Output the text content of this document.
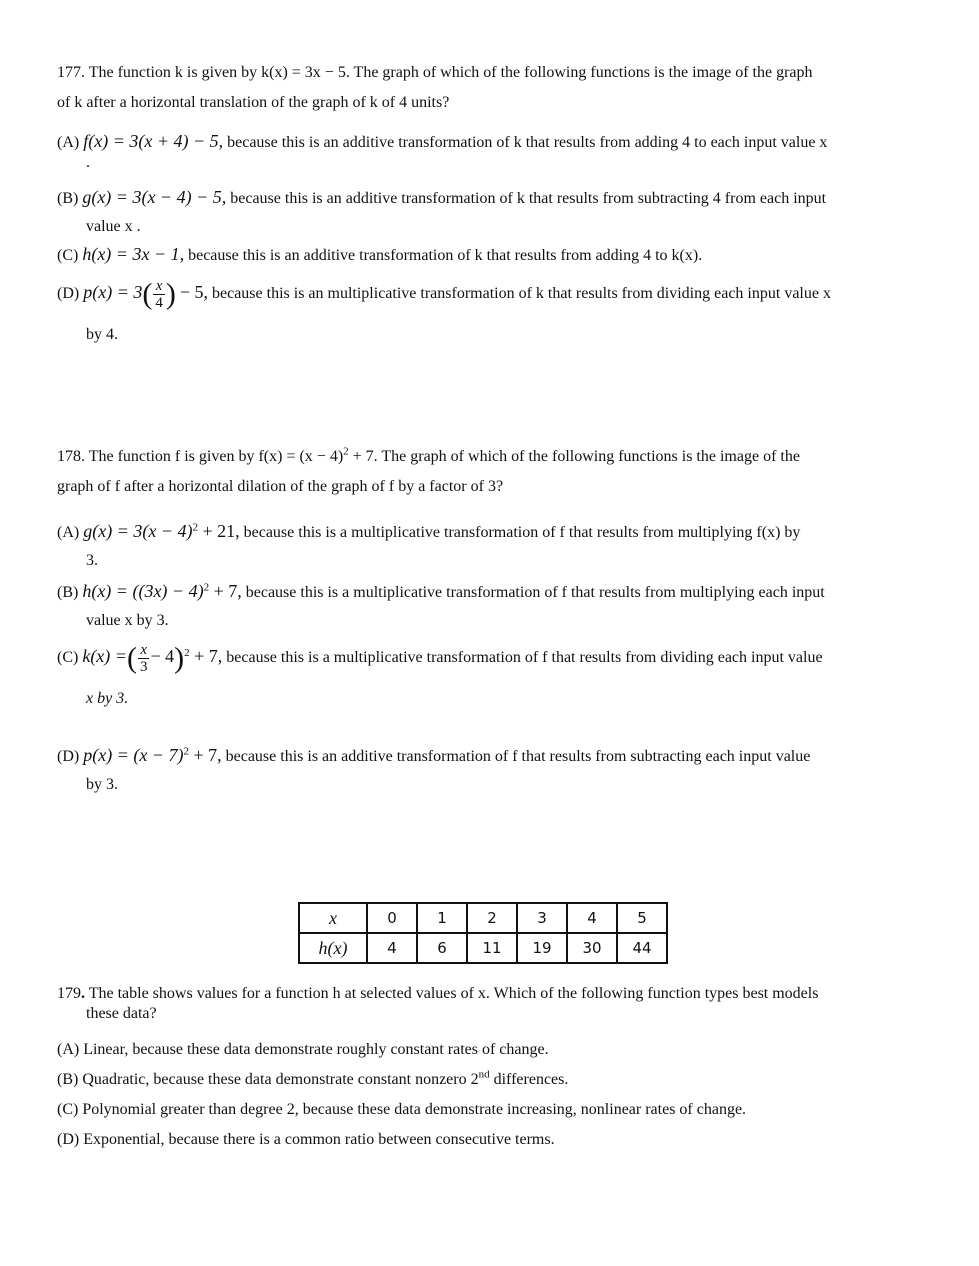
177. The function k is given by k(x) = 3x − 5. The graph of which of the following functions is the image of the graph
of k after a horizontal translation of the graph of k of 4 units?
(A) f(x) = 3(x + 4) − 5, because this is an additive transformation of k that results from adding 4 to each input value x
.
(B) g(x) = 3(x − 4) − 5, because this is an additive transformation of k that results from subtracting 4 from each input
value x .
(C) h(x) = 3x − 1, because this is an additive transformation of k that results from adding 4 to k(x).
(D) $p(x) = 3( \frac{x}{4}$ ) − 5, because this is an multiplicative transformation of k that results from dividing each input value x
by 4.
178. The function f is given by $f(x) = (x - 4)^2 + 7$. The graph of which of the following functions is the image of the
graph of f after a horizontal dilation of the graph of f by a factor of 3?
(A) $g(x) = 3(x - 4)^2 + 21$, because this is a multiplicative transformation of f that results from multiplying f(x) by
3.
(B) $h(x) = ((3x) - 4)^2 + 7$, because this is a multiplicative transformation of f that results from multiplying each input
value x by 3.
(C) k(x) =( $\frac{x}{3} - 4)^2 + 7$, because this is a multiplicative transformation of f that results from dividing each input value
x by 3.
(D) $p(x) = (x - 7)^2 + 7$, because this is an additive transformation of f that results from subtracting each input value
by 3.
x	0	1	2	3	4	5
h(x)	4	6	11	19	30	44
179. The table shows values for a function h at selected values of x. Which of the following function types best models
these data?
(A) Linear, because these data demonstrate roughly constant rates of change.
(B) Quadratic, because these data demonstrate constant nonzero 2nd differences.
(C) Polynomial greater than degree 2, because these data demonstrate increasing, nonlinear rates of change.
(D) Exponential, because there is a common ratio between consecutive terms.
